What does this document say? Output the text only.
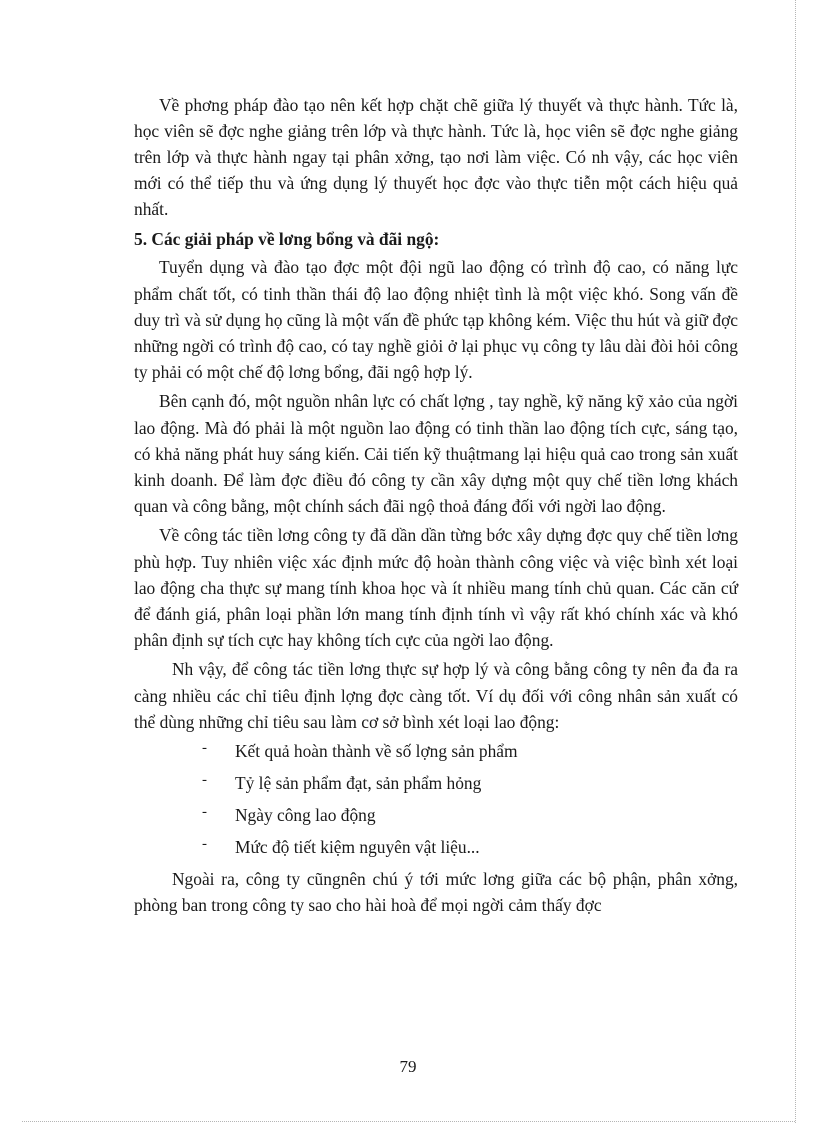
Về phơng pháp đào tạo nên kết hợp chặt chẽ giữa lý thuyết và thực hành. Tức là, học viên sẽ đợc nghe giảng trên lớp và thực hành. Tức là, học viên sẽ đợc nghe giảng trên lớp và thực hành ngay tại phân xởng, tạo nơi làm việc. Có nh vậy, các học viên mới có thể tiếp thu và ứng dụng lý thuyết học đợc vào thực tiễn một cách hiệu quả nhất.

5. Các giải pháp về lơng bổng và đãi ngộ:

Tuyển dụng và đào tạo đợc một đội ngũ lao động có trình độ cao, có năng lực phẩm chất tốt, có tinh thần thái độ lao động nhiệt tình là một việc khó. Song vấn đề duy trì và sử dụng họ cũng là một vấn đề phức tạp không kém. Việc thu hút và giữ đợc những ngời có trình độ cao, có tay nghề giỏi ở lại phục vụ công ty lâu dài đòi hỏi công ty phải có một chế độ lơng bổng, đãi ngộ hợp lý.

Bên cạnh đó, một nguồn nhân lực có chất lợng , tay nghề, kỹ năng kỹ xảo của ngời lao động. Mà đó phải là một nguồn lao động có tinh thần lao động tích cực, sáng tạo, có khả năng phát huy sáng kiến. Cải tiến kỹ thuậtmang lại hiệu quả cao trong sản xuất kinh doanh. Để làm đợc điều đó công ty cần xây dựng một quy chế tiền lơng khách quan và công bằng, một chính sách đãi ngộ thoả đáng đối với ngời lao động.

Về công tác tiền lơng công ty đã dần dần từng bớc xây dựng đợc quy chế tiền lơng phù hợp. Tuy nhiên việc xác định mức độ hoàn thành công việc và việc bình xét loại lao động cha thực sự mang tính khoa học và ít nhiều mang tính chủ quan. Các căn cứ để đánh giá, phân loại phần lớn mang tính định tính vì vậy rất khó chính xác và khó phân định sự tích cực hay không tích cực của ngời lao động.

Nh vậy, để công tác tiền lơng thực sự hợp lý và công bằng công ty nên đa đa ra càng nhiều các chỉ tiêu định lợng đợc càng tốt. Ví dụ đối với công nhân sản xuất có thể dùng những chỉ tiêu sau làm cơ sở bình xét loại lao động:

- Kết quả hoàn thành về số lợng sản phẩm
- Tỷ lệ sản phẩm đạt, sản phẩm hỏng
- Ngày công lao động
- Mức độ tiết kiệm nguyên vật liệu...

Ngoài ra, công ty cũngnên chú ý tới mức lơng giữa các bộ phận, phân xởng, phòng ban trong công ty sao cho hài hoà để mọi ngời cảm thấy đợc

79
